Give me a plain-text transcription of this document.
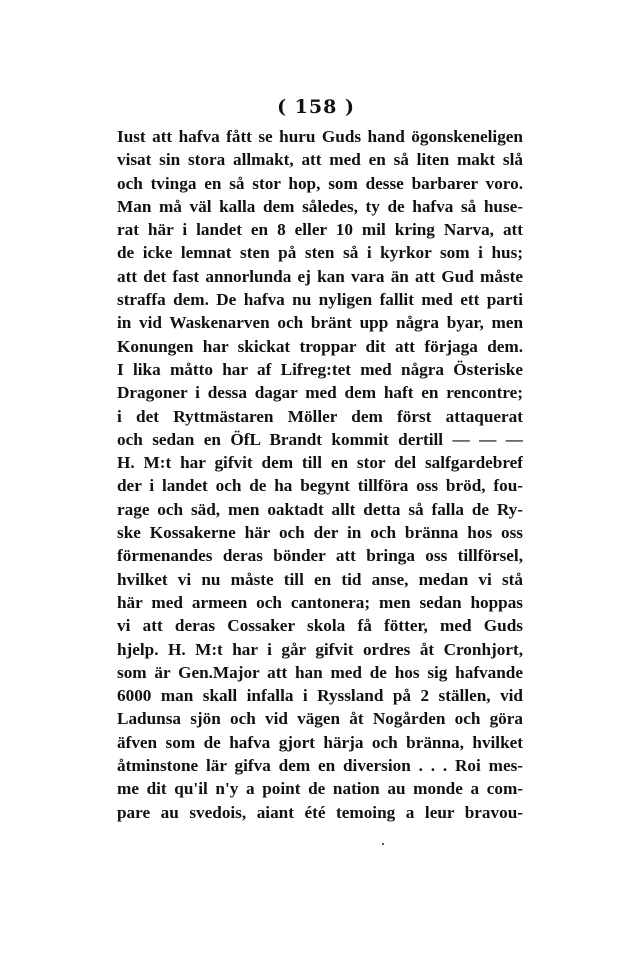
( 158 )
Iust att hafva fått se huru Guds hand ögonskeneligen
visat sin stora allmakt, att med en så liten makt slå
och tvinga en så stor hop, som desse barbarer voro.
Man må väl kalla dem således, ty de hafva så huse-
rat här i landet en 8 eller 10 mil kring Narva, att
de icke lemnat sten på sten så i kyrkor som i hus;
att det fast annorlunda ej kan vara än att Gud måste
straffa dem. De hafva nu nyligen fallit med ett parti
in vid Waskenarven och bränt upp några byar, men
Konungen har skickat troppar dit att förjaga dem.
I lika måtto har af Lifreg:tet med några Österiske
Dragoner i dessa dagar med dem haft en rencontre;
i det Ryttmästaren Möller dem först attaquerat
och sedan en ÖfL Brandt kommit dertill — — —
H. M:t har gifvit dem till en stor del salfgardebref
der i landet och de ha begynt tillföra oss bröd, fou-
rage och säd, men oaktadt allt detta så falla de Ry-
ske Kossakerne här och der in och bränna hos oss
förmenandes deras bönder att bringa oss tillförsel,
hvilket vi nu måste till en tid anse, medan vi stå
här med armeen och cantonera; men sedan hoppas
vi att deras Cossaker skola få fötter, med Guds
hjelp. H. M:t har i går gifvit ordres åt Cronhjort,
som är Gen.Major att han med de hos sig hafvande
6000 man skall infalla i Ryssland på 2 ställen, vid
Ladunsa sjön och vid vägen åt Nogården och göra
äfven som de hafva gjort härja och bränna, hvilket
åtminstone lär gifva dem en diversion . . . Roi mes-
me dit qu'il n'y a point de nation au monde a com-
pare au svedois, aiant été temoing a leur bravou-
